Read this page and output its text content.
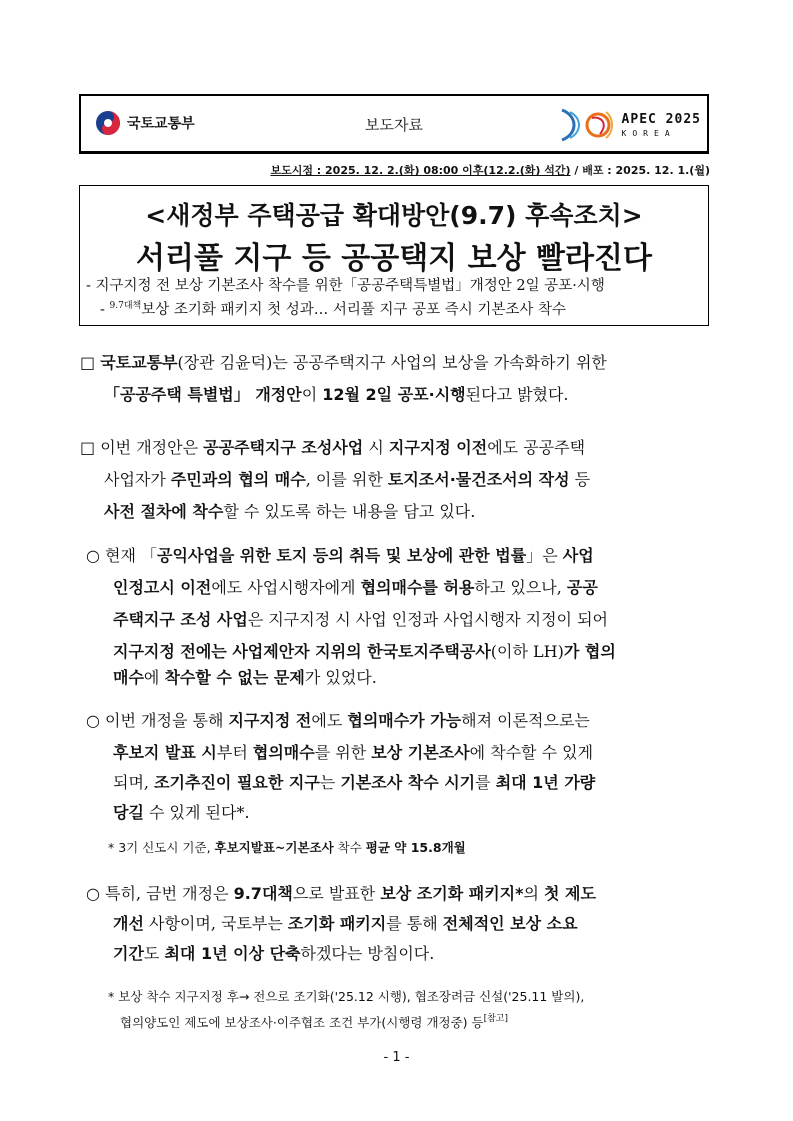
국토교통부	보도자료	APEC 2025
KOREA
보도시점 : 2025. 12. 2.(화) 08:00 이후(12.2.(화) 석간) / 배포 : 2025. 12. 1.(월)
<새정부 주택공급 확대방안(9.7) 후속조치>
서리풀 지구 등 공공택지 보상 빨라진다
- 지구지정 전 보상 기본조사 착수를 위한「공공주택특별법」개정안 2일 공포·시행
- $^{9.7대책}$보상 조기화 패키지 첫 성과… 서리풀 지구 공포 즉시 기본조사 착수
□ 국토교통부(장관 김윤덕)는 공공주택지구 사업의 보상을 가속화하기 위한
「공공주택 특별법」 개정안이 12월 2일 공포·시행된다고 밝혔다.
□ 이번 개정안은 공공주택지구 조성사업 시 지구지정 이전에도 공공주택
사업자가 주민과의 협의 매수, 이를 위한 토지조서·물건조서의 작성 등
사전 절차에 착수할 수 있도록 하는 내용을 담고 있다.
○ 현재 「공익사업을 위한 토지 등의 취득 및 보상에 관한 법률」은 사업
인정고시 이전에도 사업시행자에게 협의매수를 허용하고 있으나, 공공
주택지구 조성 사업은 지구지정 시 사업 인정과 사업시행자 지정이 되어
지구지정 전에는 사업제안자 지위의 한국토지주택공사(이하 LH)가 협의
매수에 착수할 수 없는 문제가 있었다.
○ 이번 개정을 통해 지구지정 전에도 협의매수가 가능해져 이론적으로는
후보지 발표 시부터 협의매수를 위한 보상 기본조사에 착수할 수 있게
되며, 조기추진이 필요한 지구는 기본조사 착수 시기를 최대 1년 가량
당길 수 있게 된다*.
* 3기 신도시 기준, 후보지발표~기본조사 착수 평균 약 15.8개월
○ 특히, 금번 개정은 9.7대책으로 발표한 보상 조기화 패키지*의 첫 제도
개선 사항이며, 국토부는 조기화 패키지를 통해 전체적인 보상 소요
기간도 최대 1년 이상 단축하겠다는 방침이다.
* 보상 착수 지구지정 후→ 전으로 조기화('25.12 시행), 협조장려금 신설('25.11 발의),
협의양도인 제도에 보상조사·이주협조 조건 부가(시행령 개정중) 등[참고]
- 1 -
